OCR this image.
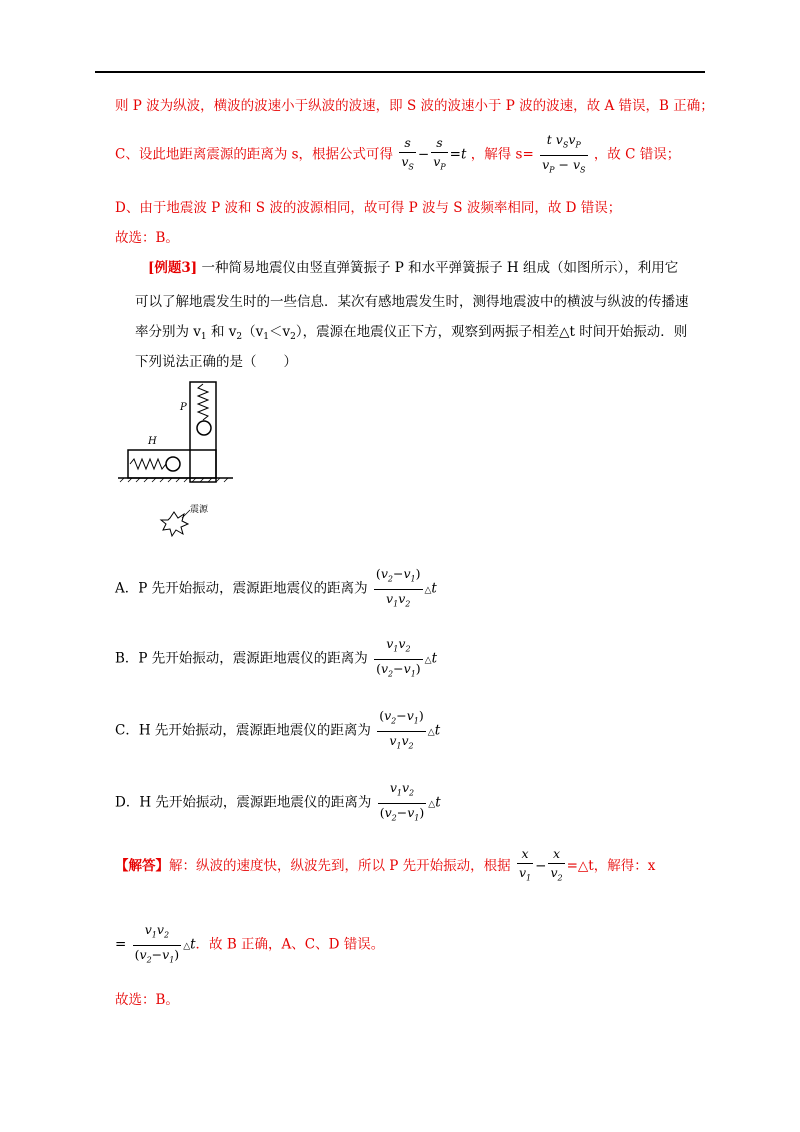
则 P 波为纵波，横波的波速小于纵波的波速，即 S 波的波速小于 P 波的波速，故 A 错误，B 正确；
C、设此地距离震源的距离为 s，根据公式可得 $\frac{s}{v_S} - \frac{s}{v_P} =t$ ，解得 $s= \frac{t v_Sv_P}{v_P - v_S}$ ，故 C 错误；
D、由于地震波 P 波和 S 波的波源相同，故可得 P 波与 S 波频率相同，故 D 错误；
故选：B。
[例题3] 一种简易地震仪由竖直弹簧振子 P 和水平弹簧振子 H 组成（如图所示），利用它
可以了解地震发生时的一些信息．某次有感地震发生时，测得地震波中的横波与纵波的传播速
率分别为 $v_1$ 和 $v_2(v_1<v_2)$，震源在地震仪正下方，观察到两振子相差△t 时间开始振动．则
下列说法正确的是（　　）
P
H
震源
A．P 先开始振动，震源距地震仪的距离为 $\frac{(v_2-v_1)}{v_1v_2}$ △t
B．P 先开始振动，震源距地震仪的距离为 $\frac{v_1v_2}{(v_2-v_1)}$ △t
C．H 先开始振动，震源距地震仪的距离为 $\frac{(v_2-v_1)}{v_1v_2}$ △t
D．H 先开始振动，震源距地震仪的距离为 $\frac{v_1v_2}{(v_2-v_1)}$ △t
【解答】解：纵波的速度快，纵波先到，所以 P 先开始振动，根据 $\frac{x}{v_1} - \frac{x}{v_2}$ =△t，解得：x
= $\frac{v_1v_2}{(v_2-v_1)}$ △t．故 B 正确，A、C、D 错误。
故选：B。
